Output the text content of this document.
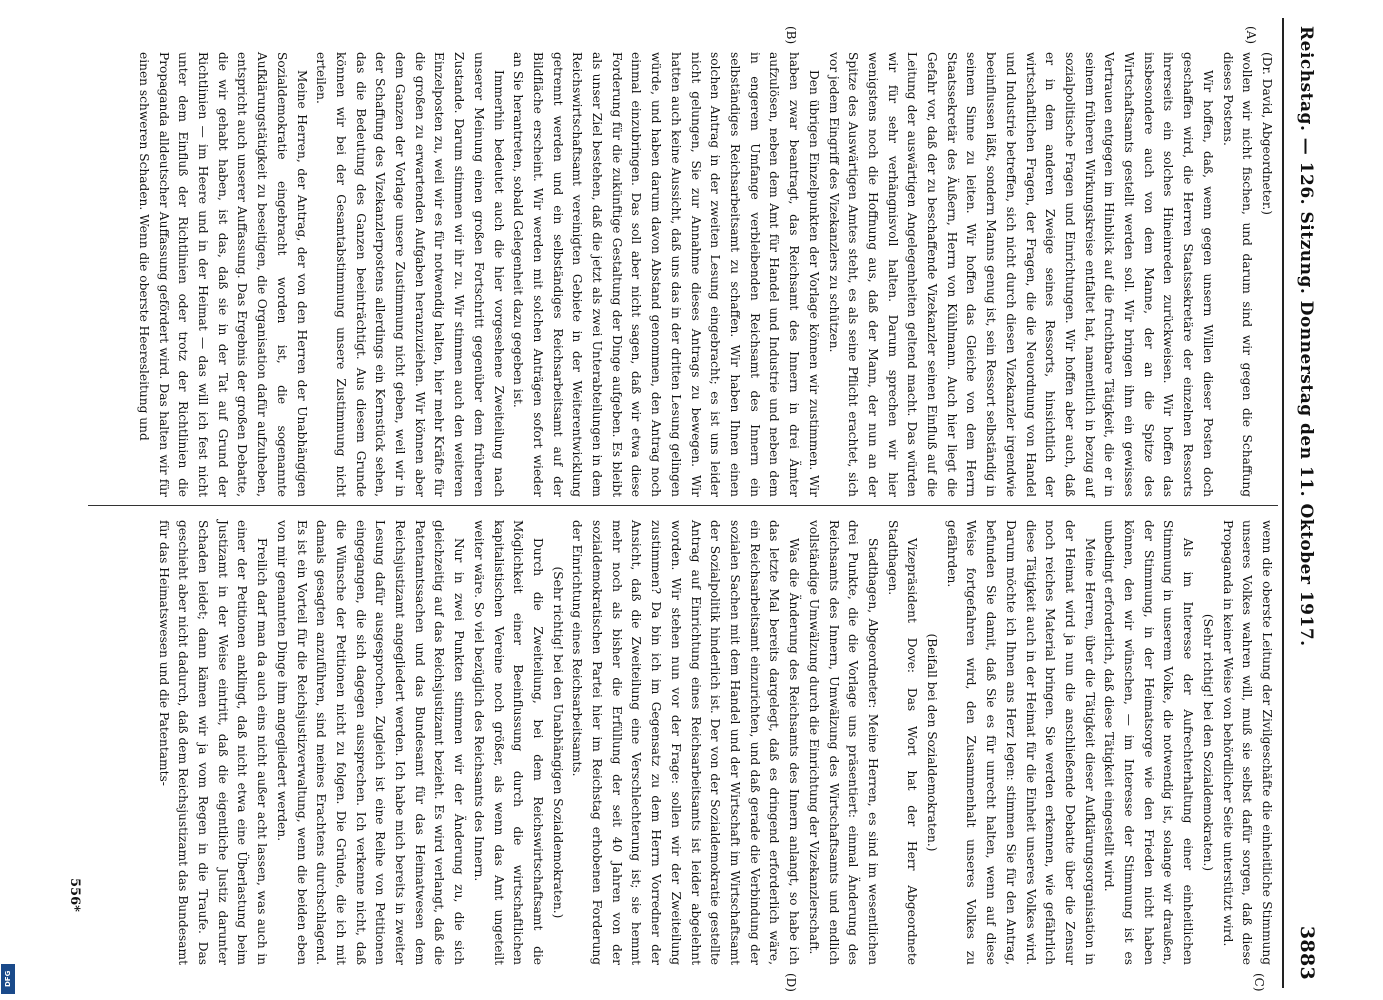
DFG
Reichstag. — 126. Sitzung. Donnerstag den 11. Oktober 1917.
3883
(A)
(B)
(C)
(D)

(Dr. David, Abgeordneter.)

wollen wir nicht fischen, und darum sind wir gegen die Schaffung dieses Postens.

Wir hoffen, daß, wenn gegen unsern Willen dieser Posten doch geschaffen wird, die Herren Staatssekretäre der einzelnen Ressorts ihrerseits ein solches Hineinreden zurückweisen. Wir hoffen das insbesondere auch von dem Manne, der an die Spitze des Wirtschaftsamts gestellt werden soll. Wir bringen ihm ein gewisses Vertrauen entgegen im Hinblick auf die fruchtbare Tätigkeit, die er in seinem früheren Wirkungskreise entfaltet hat, namentlich in bezug auf sozialpolitische Fragen und Einrichtungen. Wir hoffen aber auch, daß er in dem anderen Zweige seines Ressorts, hinsichtlich der wirtschaftlichen Fragen, der Fragen, die die Neuordnung von Handel und Industrie betreffen, sich nicht durch diesen Vizekanzler irgendwie beeinflussen läßt, sondern Manns genug ist, sein Ressort selbständig in seinem Sinne zu leiten. Wir hoffen das Gleiche von dem Herrn Staatssekretär des Äußern, Herrn von Kühlmann. Auch hier liegt die Gefahr vor, daß der zu beschaffende Vizekanzler seinen Einfluß auf die Leitung der auswärtigen Angelegenheiten geltend macht. Das würden wir für sehr verhängnisvoll halten. Darum sprechen wir hier wenigstens noch die Hoffnung aus, daß der Mann, der nun an der Spitze des Auswärtigen Amtes steht, es als seine Pflicht erachtet, sich vor jedem Eingriff des Vizekanzlers zu schützen.

Den übrigen Einzelpunkten der Vorlage können wir zustimmen. Wir haben zwar beantragt, das Reichsamt des Innern in drei Ämter aufzulösen, neben dem Amt für Handel und Industrie und neben dem in engerem Umfange verbleibenden Reichsamt des Innern ein selbständiges Reichsarbeitsamt zu schaffen. Wir haben Ihnen einen solchen Antrag in der zweiten Lesung eingebracht; es ist uns leider nicht gelungen, Sie zur Annahme dieses Antrags zu bewegen. Wir hatten auch keine Aussicht, daß uns das in der dritten Lesung gelingen würde, und haben darum davon Abstand genommen, den Antrag noch einmal einzubringen. Das soll aber nicht sagen, daß wir etwa diese Forderung für die zukünftige Gestaltung der Dinge aufgeben. Es bleibt als unser Ziel bestehen, daß die jetzt als zwei Unterabteilungen in dem Reichswirtschaftsamt vereinigten Gebiete in der Weiterentwicklung getrennt werden und ein selbständiges Reichsarbeitsamt auf der Bildfläche erscheint. Wir werden mit solchen Anträgen sofort wieder an Sie herantreten, sobald Gelegenheit dazu gegeben ist.

Immerhin bedeutet auch die hier vorgesehene Zweiteilung nach unserer Meinung einen großen Fortschritt gegenüber dem früheren Zustande. Darum stimmen wir ihr zu. Wir stimmen auch den weiteren Einzelposten zu, weil wir es für notwendig halten, hier mehr Kräfte für die großen zu erwartenden Aufgaben heranzuziehen. Wir können aber dem Ganzen der Vorlage unsere Zustimmung nicht geben, weil wir in der Schaffung des Vizekanzlerpostens allerdings ein Kernstück sehen, das die Bedeutung des Ganzen beeinträchtigt. Aus diesem Grunde können wir bei der Gesamtabstimmung unsere Zustimmung nicht erteilen.

Meine Herren, der Antrag, der von den Herren der Unabhängigen Sozialdemokratie eingebracht worden ist, die sogenannte Aufklärungstätigkeit zu beseitigen, die Organisation dafür aufzuheben, entspricht auch unserer Auffassung. Das Ergebnis der großen Debatte, die wir gehabt haben, ist das, daß sie in der Tat auf Grund der Richtlinien — im Heere und in der Heimat — das will ich fest nicht unter dem Einfluß der Richtlinien oder trotz der Richtlinien die Propaganda alldeutscher Auffassung gefördert wird. Das halten wir für einen schweren Schaden. Wenn die oberste Heeresleitung und

wenn die oberste Leitung der Zivilgeschäfte die einheitliche Stimmung unseres Volkes wahren will, muß sie selbst dafür sorgen, daß diese Propaganda in keiner Weise von behördlicher Seite unterstützt wird.

(Sehr richtig! bei den Sozialdemokraten.)

Als im Interesse der Aufrechterhaltung einer einheitlichen Stimmung in unserem Volke, die notwendig ist, solange wir draußen, der Stimmung, in der Heimatsorge wie den Frieden nicht haben können, den wir wünschen, — im Interesse der Stimmung ist es unbedingt erforderlich, daß diese Tätigkeit eingestellt wird.

Meine Herren, über die Tätigkeit dieser Aufklärungsorganisation in der Heimat wird ja nun die anschließende Debatte über die Zensur noch reiches Material bringen. Sie werden erkennen, wie gefährlich diese Tätigkeit auch in der Heimat für die Einheit unseres Volkes wird. Darum möchte ich Ihnen ans Herz legen: stimmen Sie für den Antrag, befunden Sie damit, daß Sie es für unrecht halten, wenn auf diese Weise fortgefahren wird, den Zusammenhalt unseres Volkes zu gefährden.

(Beifall bei den Sozialdemokraten.)

Vizepräsident Dove: Das Wort hat der Herr Abgeordnete Stadthagen.

Stadthagen, Abgeordneter: Meine Herren, es sind im wesentlichen drei Punkte, die die Vorlage uns präsentiert: einmal Änderung des Reichsamts des Innern, Umwälzung des Wirtschaftsamts und endlich vollständige Umwälzung durch die Einrichtung der Vizekanzlerschaft.

Was die Änderung des Reichsamts des Innern anlangt, so habe ich das letzte Mal bereits dargelegt, daß es dringend erforderlich wäre, ein Reichsarbeitsamt einzurichten, und daß gerade die Verbindung der sozialen Sachen mit dem Handel und der Wirtschaft im Wirtschaftsamt der Sozialpolitik hinderlich ist. Der von der Sozialdemokratie gestellte Antrag auf Einrichtung eines Reichsarbeitsamts ist leider abgelehnt worden. Wir stehen nun vor der Frage: sollen wir der Zweiteilung zustimmen? Da bin ich im Gegensatz zu dem Herrn Vorredner der Ansicht, daß die Zweiteilung eine Verschlechterung ist; sie hemmt mehr noch als bisher die Erfüllung der seit 40 Jahren von der sozialdemokratischen Partei hier im Reichstag erhobenen Forderung der Einrichtung eines Reichsarbeitsamts.

(Sehr richtig! bei den Unabhängigen Sozialdemokraten.)

Durch die Zweiteilung, bei dem Reichswirtschaftsamt die Möglichkeit einer Beeinflussung durch die wirtschaftlichen kapitalistischen Vereine noch größer, als wenn das Amt ungeteilt weiter wäre. So viel bezüglich des Reichsamts des Innern.

Nur in zwei Punkten stimmen wir der Änderung zu, die sich gleichzeitig auf das Reichsjustizamt bezieht. Es wird verlangt, daß die Patentamtssachen und das Bundesamt für das Heimatwesen dem Reichsjustizamt angegliedert werden. Ich habe mich bereits in zweiter Lesung dafür ausgesprochen. Zugleich ist eine Reihe von Petitionen eingegangen, die sich dagegen aussprechen. Ich verkenne nicht, daß die Wünsche der Petitionen nicht zu folgen. Die Gründe, die ich mit damals gesagten anzuführen, sind meines Erachtens durchschlagend. Es ist ein Vorteil für die Reichsjustizverwaltung, wenn die beiden eben von mir genannten Dinge ihm angegliedert werden.

Freilich darf man da auch eins nicht außer acht lassen, was auch in einer der Petitionen anklingt, daß nicht etwa eine Überlastung beim Justizamt in der Weise eintritt, daß die eigentliche Justiz darunter Schaden leidet; dann kämen wir ja vom Regen in die Traufe. Das geschieht aber nicht dadurch, daß dem Reichsjustizamt das Bundesamt für das Heimatswesen und die Patentamts-

556*
